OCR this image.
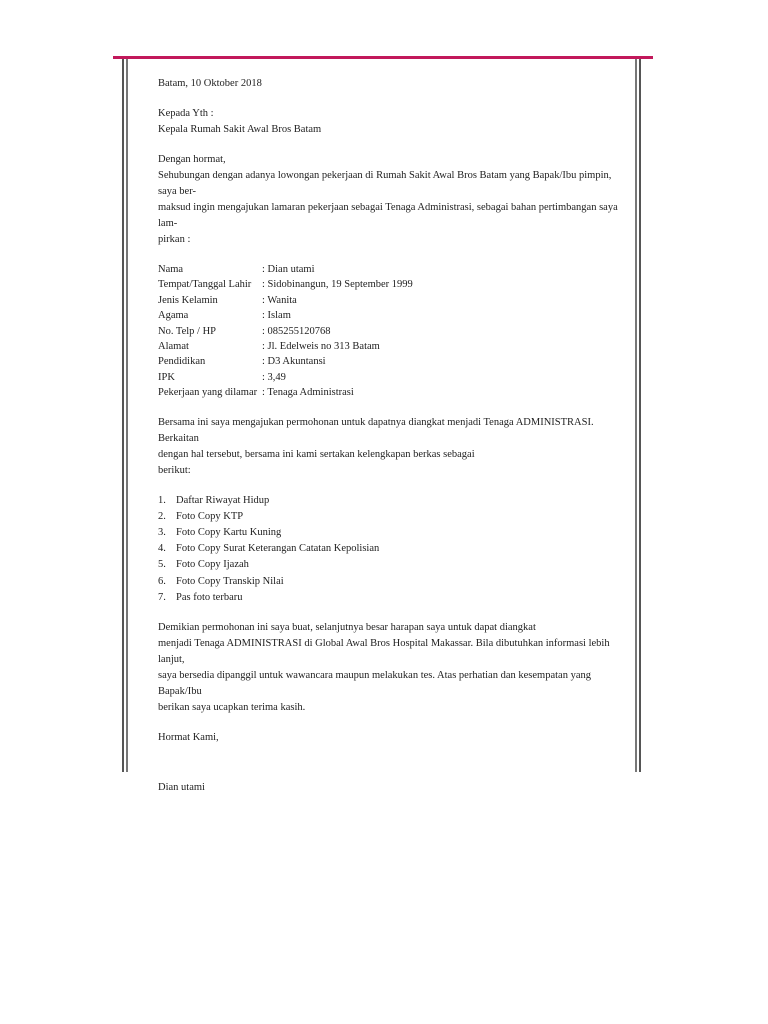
Batam, 10 Oktober 2018

Kepada Yth :

Kepala Rumah Sakit Awal Bros Batam

Dengan hormat,

Sehubungan dengan adanya lowongan pekerjaan di Rumah Sakit Awal Bros Batam yang Bapak/Ibu pimpin, saya ber-

maksud ingin mengajukan lamaran pekerjaan sebagai Tenaga Administrasi, sebagai bahan pertimbangan saya lam-

pirkan :

Nama	: Dian utami
Tempat/Tanggal Lahir	: Sidobinangun, 19 September 1999
Jenis Kelamin	: Wanita
Agama	: Islam
No. Telp / HP	: 085255120768
Alamat	: Jl. Edelweis no 313 Batam
Pendidikan	: D3 Akuntansi
IPK	: 3,49
Pekerjaan yang dilamar : Tenaga Administrasi

Bersama ini saya mengajukan permohonan untuk dapatnya diangkat menjadi Tenaga ADMINISTRASI. Berkaitan

dengan hal tersebut, bersama ini kami sertakan kelengkapan berkas sebagai

berikut:

1. Daftar Riwayat Hidup
2. Foto Copy KTP
3. Foto Copy Kartu Kuning
4. Foto Copy Surat Keterangan Catatan Kepolisian
5. Foto Copy Ijazah
6. Foto Copy Transkip Nilai
7. Pas foto terbaru

Demikian permohonan ini saya buat, selanjutnya besar harapan saya untuk dapat diangkat

menjadi Tenaga ADMINISTRASI di Global Awal Bros Hospital Makassar. Bila dibutuhkan informasi lebih lanjut,

saya bersedia dipanggil untuk wawancara maupun melakukan tes. Atas perhatian dan kesempatan yang Bapak/Ibu

berikan saya ucapkan terima kasih.

Hormat Kami,

Dian utami
